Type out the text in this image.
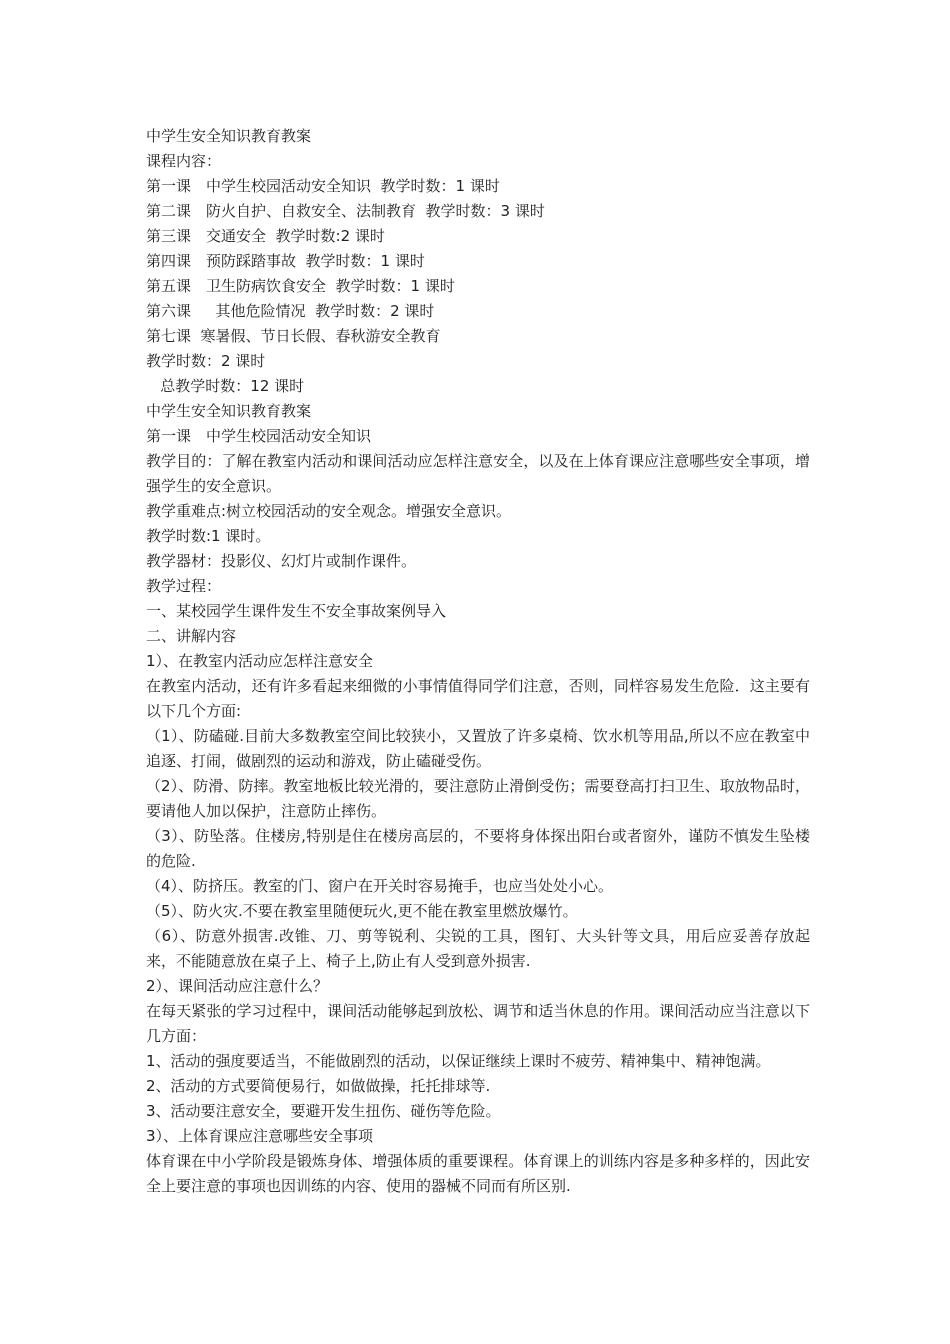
中学生安全知识教育教案
课程内容：
第一课　中学生校园活动安全知识  教学时数：1 课时
第二课　防火自护、自救安全、法制教育  教学时数：3 课时
第三课　交通安全  教学时数:2 课时
第四课　预防踩踏事故  教学时数：1 课时
第五课　卫生防病饮食安全  教学时数：1 课时
第六课　  其他危险情况  教学时数：2 课时
第七课  寒暑假、节日长假、春秋游安全教育
教学时数：2 课时
总教学时数：12 课时
中学生安全知识教育教案
第一课　中学生校园活动安全知识

教学目的：了解在教室内活动和课间活动应怎样注意安全，以及在上体育课应注意哪些安全事项，增强学生的安全意识。

教学重难点:树立校园活动的安全观念。增强安全意识。

教学时数:1 课时。

教学器材：投影仪、幻灯片或制作课件。

教学过程：

一、某校园学生课件发生不安全事故案例导入

二、讲解内容

1）、在教室内活动应怎样注意安全

在教室内活动，还有许多看起来细微的小事情值得同学们注意，否则，同样容易发生危险．这主要有以下几个方面:

（1）、防磕碰.目前大多数教室空间比较狭小，又置放了许多桌椅、饮水机等用品,所以不应在教室中追逐、打闹，做剧烈的运动和游戏，防止磕碰受伤。

（2）、防滑、防摔。教室地板比较光滑的，要注意防止滑倒受伤；需要登高打扫卫生、取放物品时，要请他人加以保护，注意防止摔伤。

（3）、防坠落。住楼房,特别是住在楼房高层的，不要将身体探出阳台或者窗外，谨防不慎发生坠楼的危险.

（4）、防挤压。教室的门、窗户在开关时容易掩手，也应当处处小心。

（5）、防火灾.不要在教室里随便玩火,更不能在教室里燃放爆竹。

（6）、防意外损害.改锥、刀、剪等锐利、尖锐的工具，图钉、大头针等文具，用后应妥善存放起来，不能随意放在桌子上、椅子上,防止有人受到意外损害.

2）、课间活动应注意什么？

在每天紧张的学习过程中，课间活动能够起到放松、调节和适当休息的作用。课间活动应当注意以下几方面：

1、活动的强度要适当，不能做剧烈的活动，以保证继续上课时不疲劳、精神集中、精神饱满。

2、活动的方式要简便易行，如做做操，托托排球等.

3、活动要注意安全，要避开发生扭伤、碰伤等危险。

3）、上体育课应注意哪些安全事项

体育课在中小学阶段是锻炼身体、增强体质的重要课程。体育课上的训练内容是多种多样的，因此安全上要注意的事项也因训练的内容、使用的器械不同而有所区别.
